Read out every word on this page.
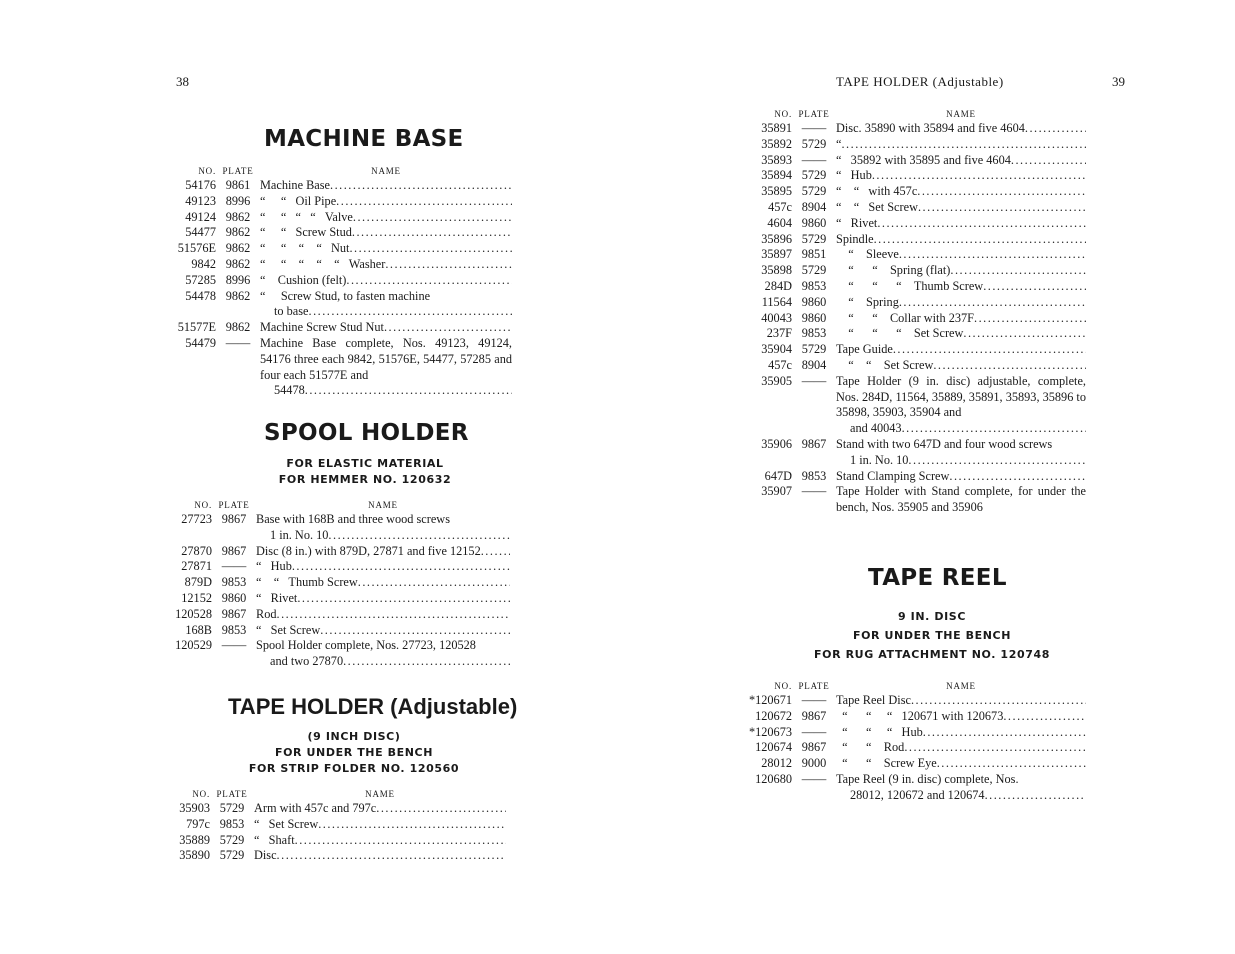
38
MACHINE BASE
NO. PLATE	NAME
54176 9861 Machine Base
.....
49123 8996 “     “   Oil Pipe
.....
49124 9862 “     “   “   “   Valve
.....
54477 9862 “     “   Screw Stud
.....
51576E 9862 “     “    “    “   Nut
.....
9842 9862 “     “    “    “    “   Washer
.....
57285 8996 “    Cushion (felt)
.....
54478 9862 “     Screw Stud, to fasten machine
to base
.....
51577E 9862 Machine Screw Stud Nut
.....
54479 —— Machine Base complete, Nos. 49123, 49124, 54176 three each 9842, 51576E, 54477, 57285 and four each 51577E and
54478
.....
SPOOL HOLDER
FOR ELASTIC MATERIAL
FOR HEMMER NO. 120632
NO. PLATE	NAME
27723 9867 Base with 168B and three wood screws
1 in. No. 10
.....
27870 9867 Disc (8 in.) with 879D, 27871 and five 12152
.....
27871 —— “   Hub
.....
879D 9853 “    “   Thumb Screw
.....
12152 9860 “   Rivet
.....
120528 9867 Rod
.....
168B 9853 “   Set Screw
.....
120529 —— Spool Holder complete, Nos. 27723, 120528
and two 27870
.....
TAPE HOLDER (Adjustable)
(9 INCH DISC)
FOR UNDER THE BENCH
FOR STRIP FOLDER NO. 120560
NO. PLATE	NAME
35903 5729 Arm with 457c and 797c
.....
797c 9853 “   Set Screw
.....
35889 5729 “   Shaft
.....
35890 5729 Disc
.....
TAPE HOLDER (Adjustable)	39
NO. PLATE	NAME
35891 —— Disc. 35890 with 35894 and five 4604
.....
35892 5729 “
.....
35893 —— “   35892 with 35895 and five 4604
.....
35894 5729 “   Hub
.....
35895 5729 “    “   with 457c
.....
457c 8904 “    “   Set Screw
.....
4604 9860 “   Rivet
.....
35896 5729 Spindle
.....
35897 9851 “    Sleeve
.....
35898 5729 “      “    Spring (flat)
.....
284D 9853 “      “      “    Thumb Screw
.....
11564 9860 “    Spring
.....
40043 9860 “      “    Collar with 237F
.....
237F 9853 “      “      “    Set Screw
.....
35904 5729 Tape Guide
.....
457c 8904 “    “    Set Screw
.....
35905 —— Tape Holder (9 in. disc) adjustable, complete, Nos. 284D, 11564, 35889, 35891, 35893, 35896 to 35898, 35903, 35904 and
and 40043
.....
35906 9867 Stand with two 647D and four wood screws
1 in. No. 10
.....
647D 9853 Stand Clamping Screw
.....
35907 —— Tape Holder with Stand complete, for under the bench, Nos. 35905 and 35906
TAPE REEL
9 IN. DISC
FOR UNDER THE BENCH
FOR RUG ATTACHMENT NO. 120748
NO. PLATE	NAME
*120671 —— Tape Reel Disc
.....
120672 9867 “      “     “   120671 with 120673
.....
*120673 —— “      “     “   Hub
.....
120674 9867 “      “    Rod
.....
28012 9000 “      “    Screw Eye
.....
120680 —— Tape Reel (9 in. disc) complete, Nos.
28012, 120672 and 120674
.....
